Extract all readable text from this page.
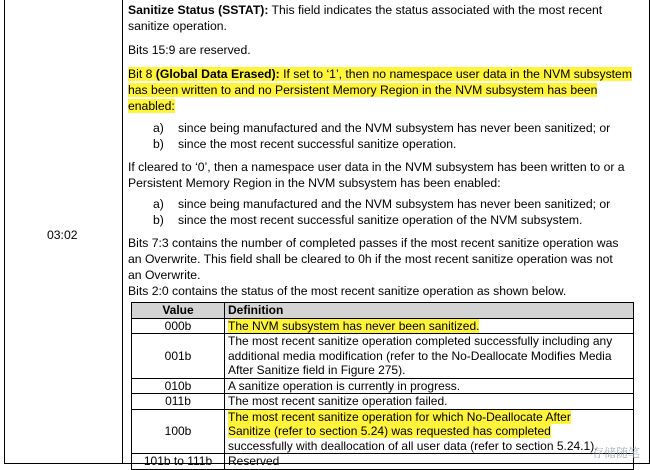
03:02

Sanitize Status (SSTAT): This field indicates the status associated with the most recent

sanitize operation.

Bits 15:9 are reserved.

Bit 8 (Global Data Erased): If set to ‘1’, then no namespace user data in the NVM subsystem

has been written to and no Persistent Memory Region in the NVM subsystem has been

enabled:

a) since being manufactured and the NVM subsystem has never been sanitized; or
b) since the most recent successful sanitize operation.

If cleared to ‘0’, then a namespace user data in the NVM subsystem has been written to or a

Persistent Memory Region in the NVM subsystem has been enabled:

a) since being manufactured and the NVM subsystem has never been sanitized; or
b) since the most recent successful sanitize operation of the NVM subsystem.

Bits 7:3 contains the number of completed passes if the most recent sanitize operation was

an Overwrite. This field shall be cleared to 0h if the most recent sanitize operation was not

an Overwrite.

Bits 2:0 contains the status of the most recent sanitize operation as shown below.

Value	Definition
000b	The NVM subsystem has never been sanitized.
001b	The most recent sanitize operation completed successfully including any
additional media modification (refer to the No-Deallocate Modifies Media
After Sanitize field in Figure 275).

010b	A sanitize operation is currently in progress.
011b	The most recent sanitize operation failed.
100b	The most recent sanitize operation for which No-Deallocate After
Sanitize (refer to section 5.24) was requested has completed
successfully with deallocation of all user data (refer to section 5.24.1).

101b to 111b	Reserved
存储随笔
